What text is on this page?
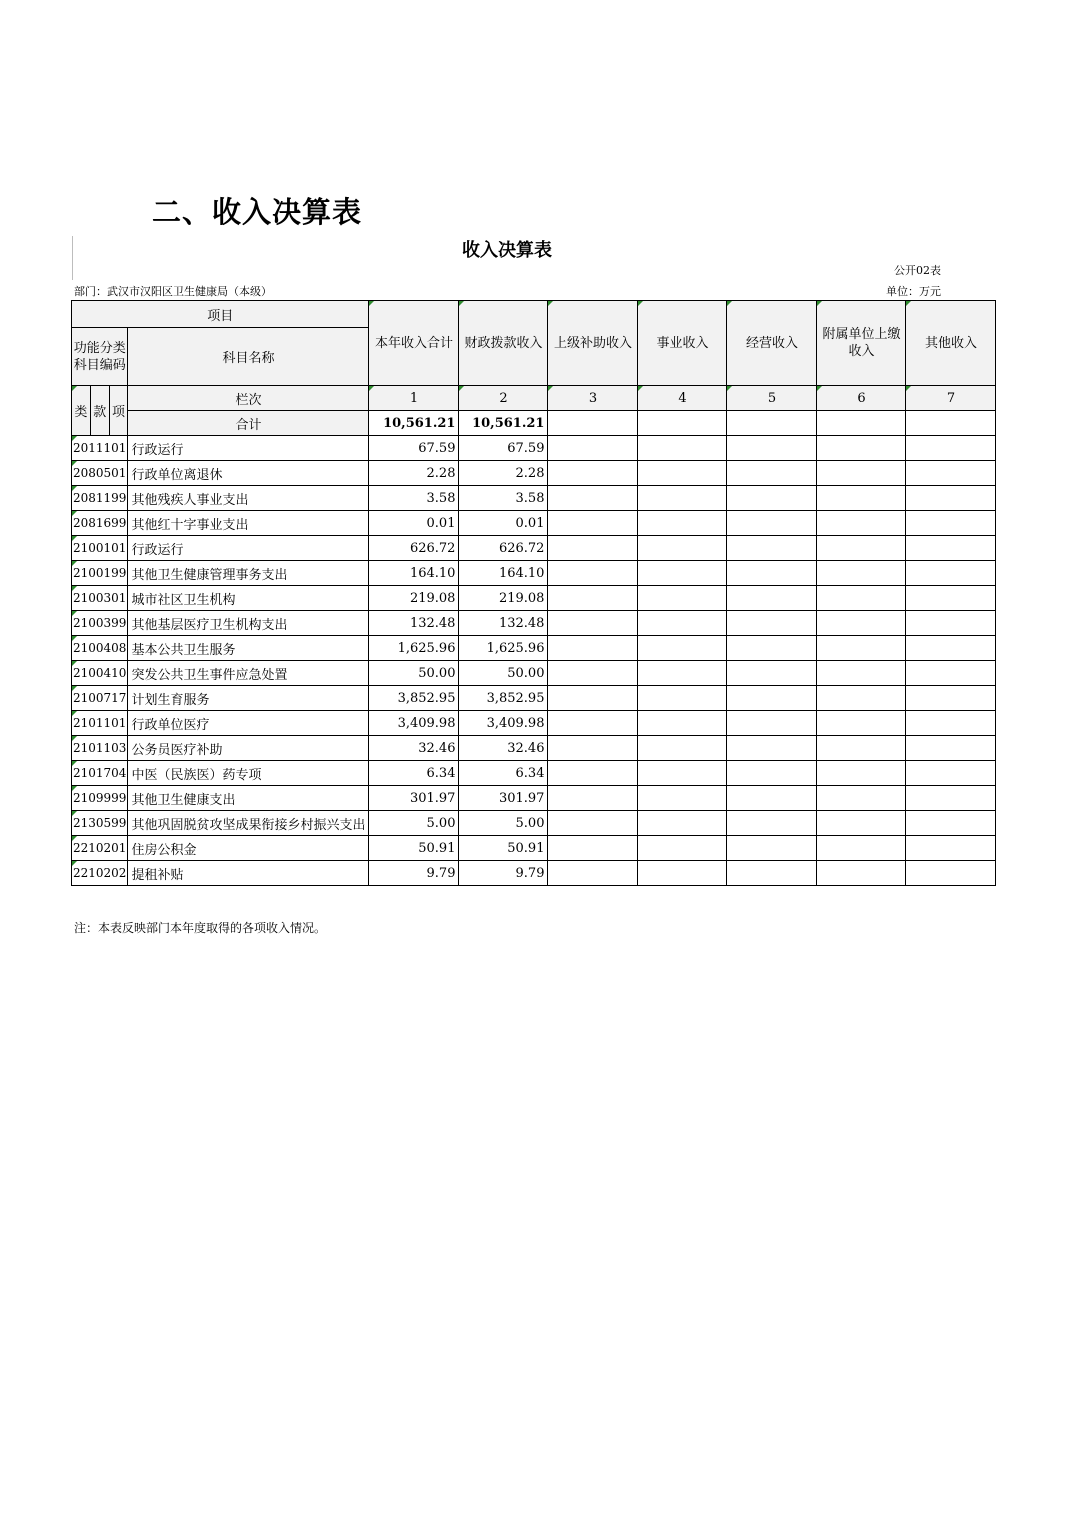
二、收入决算表
收入决算表
公开02表
部门：武汉市汉阳区卫生健康局（本级）	单位：万元
项目				本年收入合计	财政拨款收入	上级补助收入	事业收入	经营收入	附属单位上缴收入	其他收入
功能分类科目编码			科目名称							
类	款	项	栏次	1	2	3	4	5	6	7
			合计	10,561.21	10,561.21					
2011101			行政运行	67.59	67.59					
2080501			行政单位离退休	2.28	2.28					
2081199			其他残疾人事业支出	3.58	3.58					
2081699			其他红十字事业支出	0.01	0.01					
2100101			行政运行	626.72	626.72					
2100199			其他卫生健康管理事务支出	164.10	164.10					
2100301			城市社区卫生机构	219.08	219.08					
2100399			其他基层医疗卫生机构支出	132.48	132.48					
2100408			基本公共卫生服务	1,625.96	1,625.96					
2100410			突发公共卫生事件应急处置	50.00	50.00					
2100717			计划生育服务	3,852.95	3,852.95					
2101101			行政单位医疗	3,409.98	3,409.98					
2101103			公务员医疗补助	32.46	32.46					
2101704			中医（民族医）药专项	6.34	6.34					
2109999			其他卫生健康支出	301.97	301.97					
2130599			其他巩固脱贫攻坚成果衔接乡村振兴支出	5.00	5.00					
2210201			住房公积金	50.91	50.91					
2210202			提租补贴	9.79	9.79					
注：本表反映部门本年度取得的各项收入情况。
